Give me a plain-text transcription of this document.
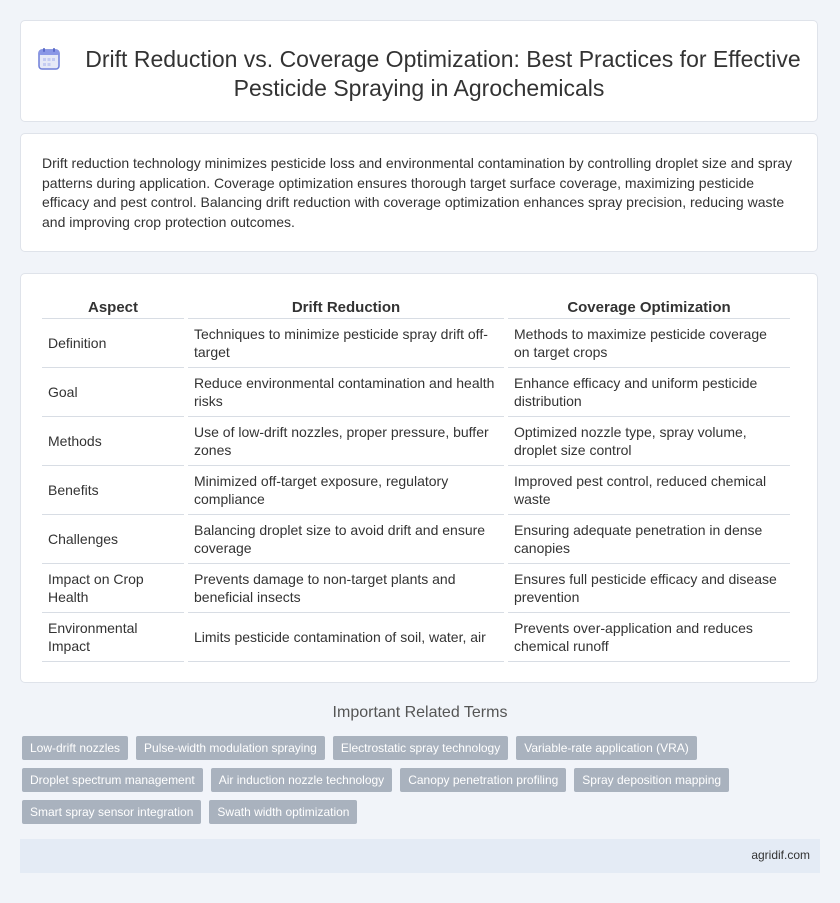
Drift Reduction vs. Coverage Optimization: Best Practices for Effective Pesticide Spraying in Agrochemicals

Drift reduction technology minimizes pesticide loss and environmental contamination by controlling droplet size and spray patterns during application. Coverage optimization ensures thorough target surface coverage, maximizing pesticide efficacy and pest control. Balancing drift reduction with coverage optimization enhances spray precision, reducing waste and improving crop protection outcomes.

Aspect	Drift Reduction	Coverage Optimization
Definition	Techniques to minimize pesticide spray drift off-target	Methods to maximize pesticide coverage on target crops
Goal	Reduce environmental contamination and health risks	Enhance efficacy and uniform pesticide distribution
Methods	Use of low-drift nozzles, proper pressure, buffer zones	Optimized nozzle type, spray volume, droplet size control
Benefits	Minimized off-target exposure, regulatory compliance	Improved pest control, reduced chemical waste
Challenges	Balancing droplet size to avoid drift and ensure coverage	Ensuring adequate penetration in dense canopies
Impact on Crop Health	Prevents damage to non-target plants and beneficial insects	Ensures full pesticide efficacy and disease prevention
Environmental Impact	Limits pesticide contamination of soil, water, air	Prevents over-application and reduces chemical runoff
Important Related Terms
Low-drift nozzles	Pulse-width modulation spraying	Electrostatic spray technology	Variable-rate application (VRA)
Droplet spectrum management	Air induction nozzle technology	Canopy penetration profiling	Spray deposition mapping
Smart spray sensor integration	Swath width optimization
agridif.com
